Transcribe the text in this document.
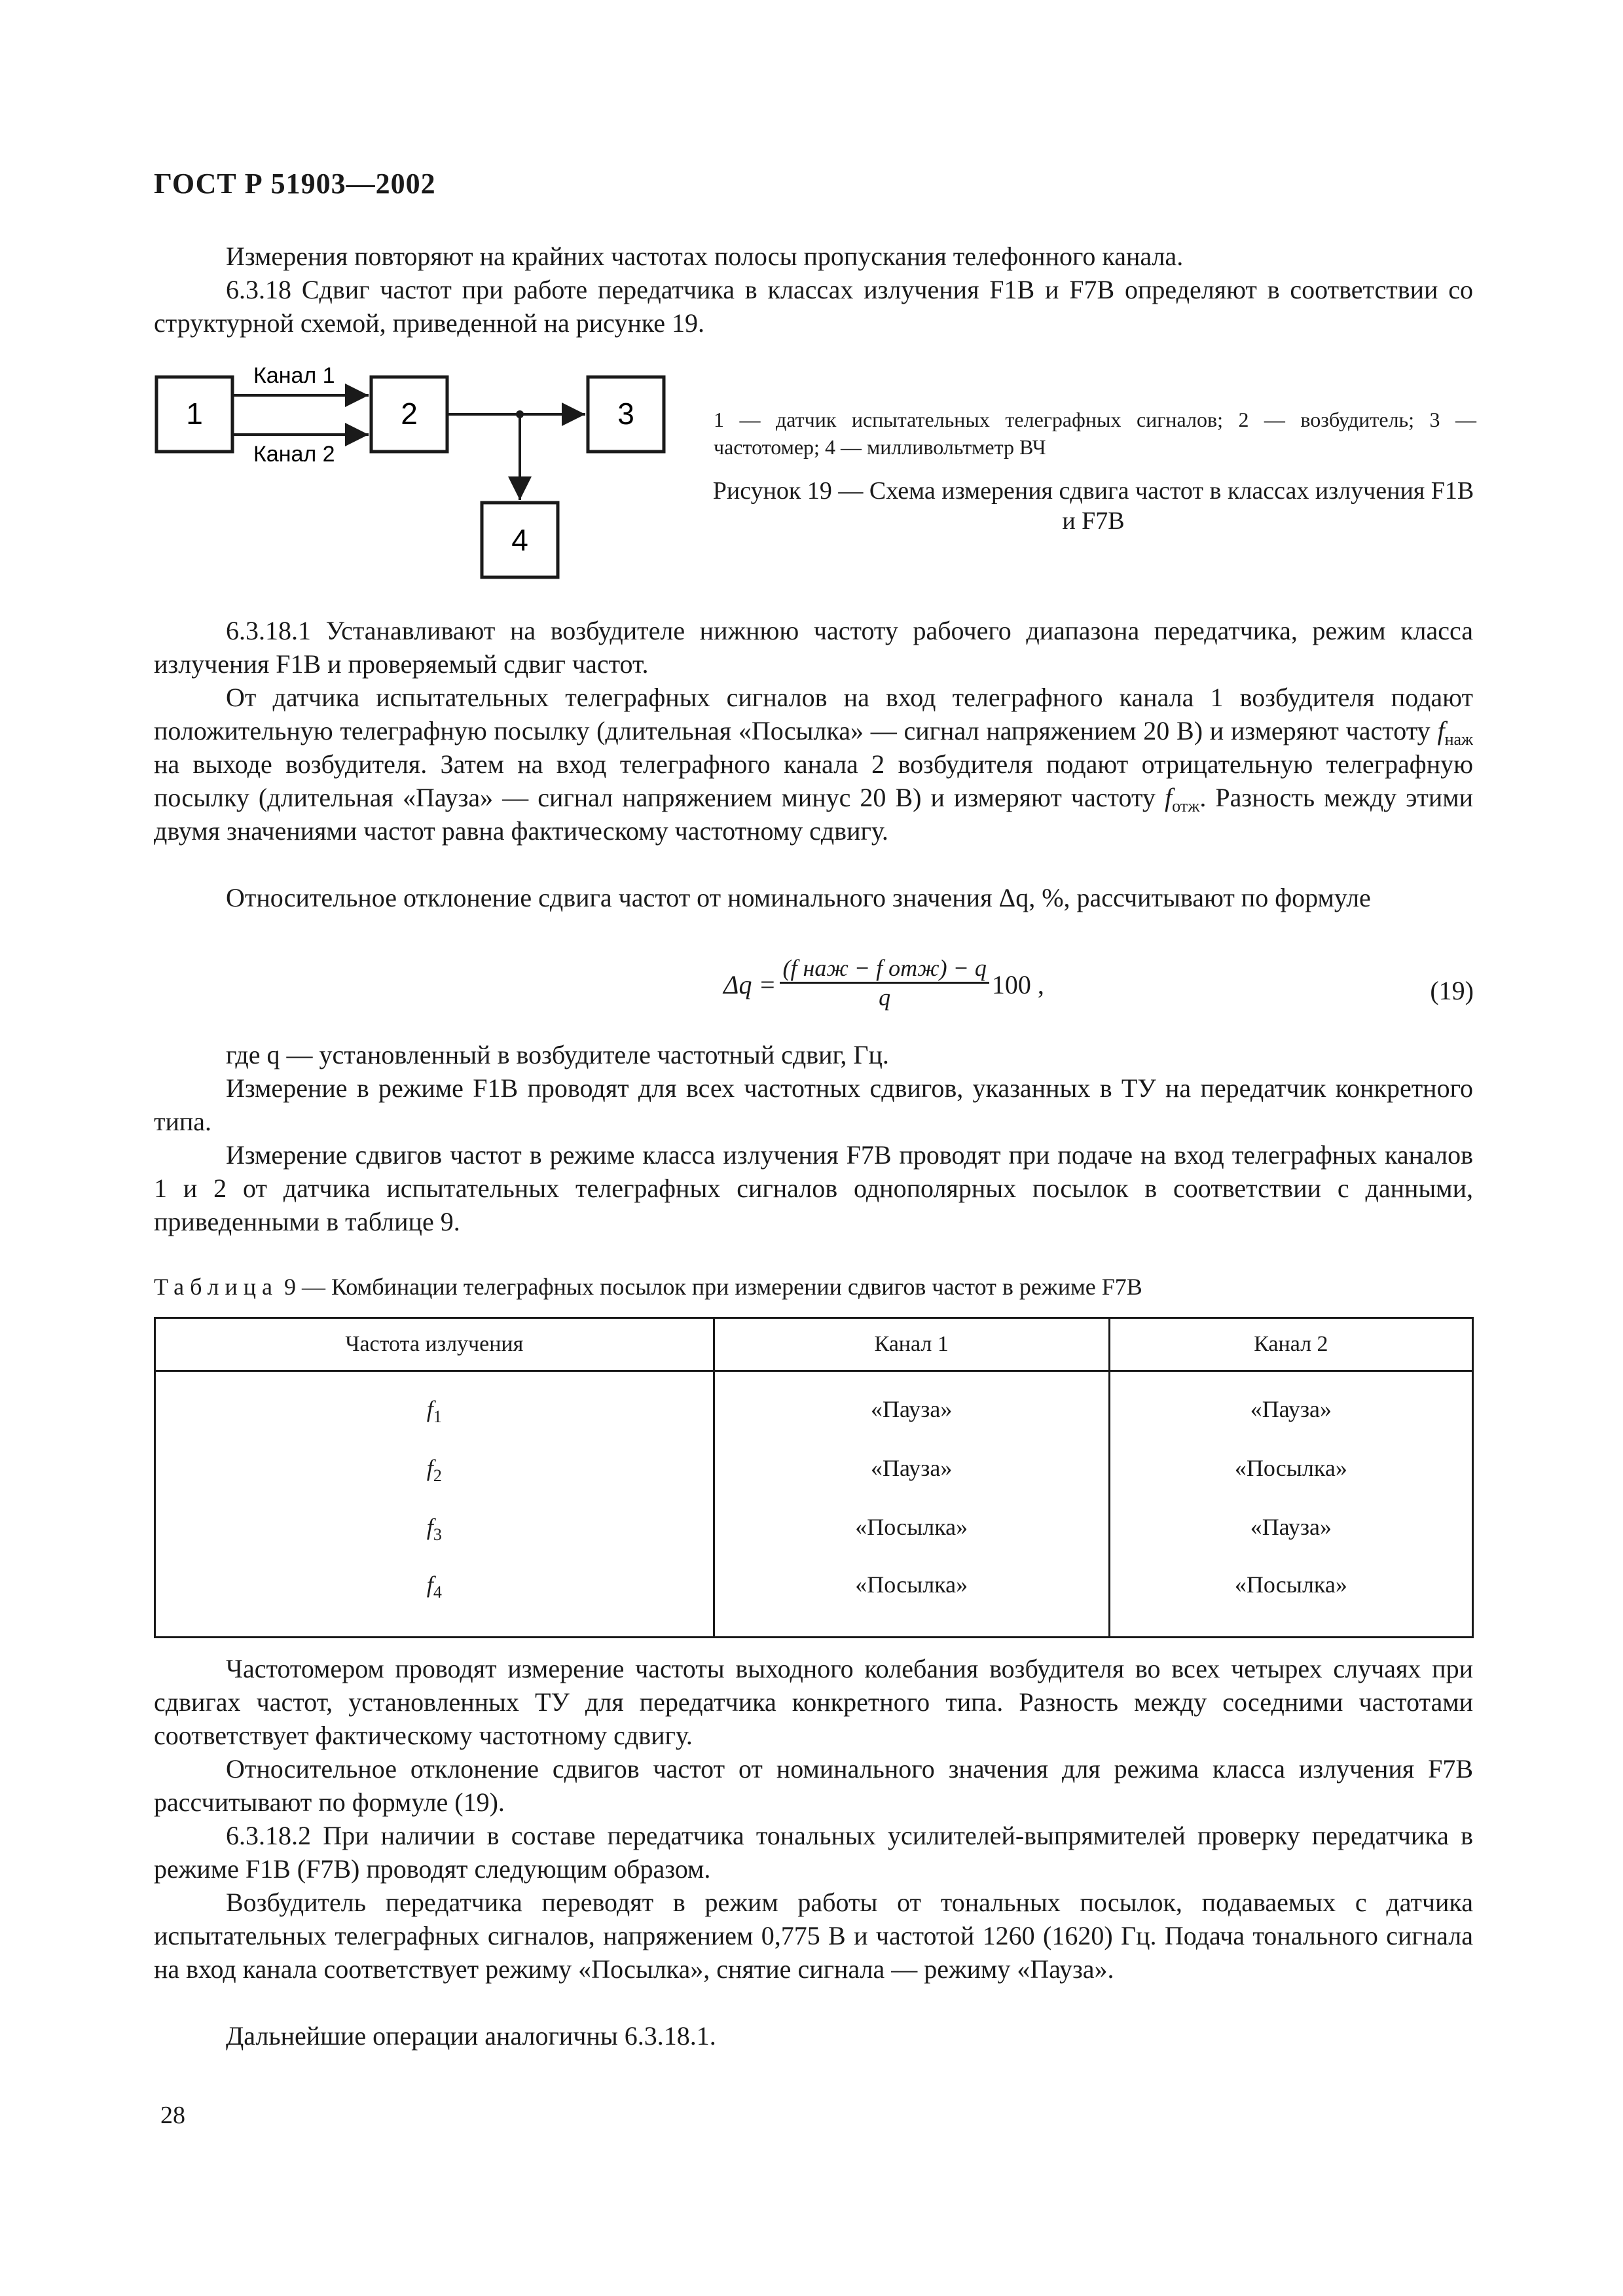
ГОСТ Р 51903—2002
Измерения повторяют на крайних частотах полосы пропускания телефонного канала.
6.3.18 Сдвиг частот при работе передатчика в классах излучения F1B и F7B определяют в соответствии со структурной схемой, приведенной на рисунке 19.
1	2	3
4
Канал 1
Канал 2
1 — датчик испытательных телеграфных сигналов; 2 — возбудитель; 3 — частотомер; 4 — милливольтметр ВЧ
Рисунок 19 — Схема измерения сдвига частот в классах излучения F1B и F7B
6.3.18.1 Устанавливают на возбудителе нижнюю частоту рабочего диапазона передатчика, режим класса излучения F1B и проверяемый сдвиг частот.
От датчика испытательных телеграфных сигналов на вход телеграфного канала 1 возбудителя подают положительную телеграфную посылку (длительная «Посылка» — сигнал напряжением 20 В) и измеряют частоту $f_{наж}$ на выходе возбудителя. Затем на вход телеграфного канала 2 возбудителя подают отрицательную телеграфную посылку (длительная «Пауза» — сигнал напряжением минус 20 В) и измеряют частоту $f_{отж}$. Разность между этими двумя значениями частот равна фактическому частотному сдвигу.
Относительное отклонение сдвига частот от номинального значения Δq, %, рассчитывают по формуле
Δq =
(f наж − f отж) − q
q	100 ,	(19)
где q — установленный в возбудителе частотный сдвиг, Гц.
Измерение в режиме F1B проводят для всех частотных сдвигов, указанных в ТУ на передатчик конкретного типа.
Измерение сдвигов частот в режиме класса излучения F7B проводят при подаче на вход телеграфных каналов 1 и 2 от датчика испытательных телеграфных сигналов однополярных посылок в соответствии с данными, приведенными в таблице 9.
Таблица 9 — Комбинации телеграфных посылок при измерении сдвигов частот в режиме F7B
Частота излучения	Канал 1	Канал 2

$f_1$	«Пауза»	«Пауза»
$f_2$	«Пауза»	«Посылка»
$f_3$	«Посылка»	«Пауза»
$f_4$	«Посылка»	«Посылка»
Частотомером проводят измерение частоты выходного колебания возбудителя во всех четырех случаях при сдвигах частот, установленных ТУ для передатчика конкретного типа. Разность между соседними частотами соответствует фактическому частотному сдвигу.
Относительное отклонение сдвигов частот от номинального значения для режима класса излучения F7B рассчитывают по формуле (19).
6.3.18.2 При наличии в составе передатчика тональных усилителей-выпрямителей проверку передатчика в режиме F1B (F7B) проводят следующим образом.
Возбудитель передатчика переводят в режим работы от тональных посылок, подаваемых с датчика испытательных телеграфных сигналов, напряжением 0,775 В и частотой 1260 (1620) Гц. Подача тонального сигнала на вход канала соответствует режиму «Посылка», снятие сигнала — режиму «Пауза».
Дальнейшие операции аналогичны 6.3.18.1.
28
